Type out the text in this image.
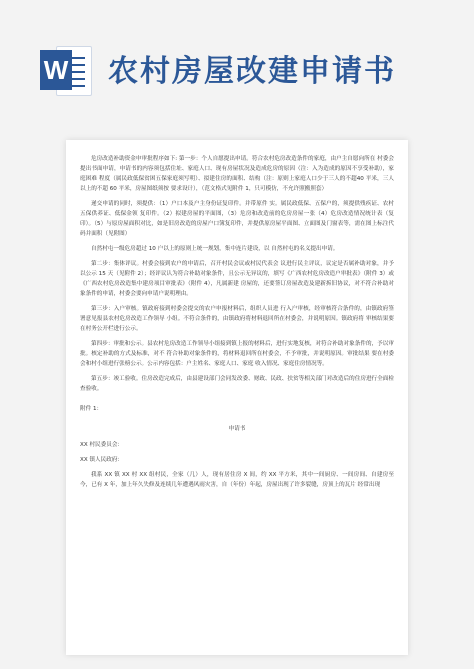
W 农村房屋改建申请书

危房改造补助资金申审批程序如下: 第一步：个人自愿提出申请。符合农村危房改造条件的家庭，由户主自愿向所在 村委会提出书面申请，申请书的内容须包括住址、家庭人口、现有房屋状况及造成危房的原因（注：入为造成的原因不享受补助），家庭困难 程度（属民政低保贫困五保家庭须写明）、拟建住房的面积、结构（注：原则上家庭人口少于三人的不超40 平米，三人以上的不超 60 平米，房屋图纸须按 要求设计），（范文格式见附件 1，只可模仿，不允许照搬照套）

递交申请的同时，须提供：（1）户口本及户主身份证复印件。并带原件 实。属民政低保、五保户的，须提供残疾证、农村五保供养证、低保金领 复印件。（2）拟建房屋的平面图，（3）危房和改造前的危房房屋一张（4）危房改造情况统计表（复印）。（5）与原房屋面积对比，如是旧房改造的房屋户口簿复印件，并提供原房屋平面图、立面图及门窗表等，需在图上标注代码并面积（见附图）

自然村屯一级危房超过 10 户以上的原则上统一规划，集中连片建设，以 自然村屯的名义提出申请。

第二步：集体评议。村委会接到农户的申请后，召开村民会议或村民代表会 议进行民主评议，议定是否属补助对象，并予以公示 15 天（见附件 2）；经评议认为符合补助对象条件，且公示无异议的，填写《广西农村危房改造户审批表》（附件 3）或《广西农村危房改造集中建房项目审批表》（附件 4），凡属新建 房屋的，还要签订房屋改造及建新拆旧协议，对不符合补助对象条件的申请，村委会要向申请户说明理由。

第三步：入户审核。镇政府接到村委会提交的农户申报材料后，组织人员进 行入户审核，经审核符合条件的，由镇政府签署意见报县农村危房改造工作领导 小组。不符合条件的，由镇政府将材料退回所在村委会，并说明原因。镇政府将 审核结果要在村务公开栏进行公示。

第四步：审批和公示。县农村危房改造工作领导小组接到镇上报的材料后，进行实地复核，对符合补助对象条件的，予以审批。核定补助的方式及标准，对不 符合补助对象条件的，将材料退回所在村委会，不予审批，并说明原因。审批结果 要在村委会和村小组进行张榜公示。公示内容包括：户主姓名、家庭人口、家庭 收入情况、家庭住房情况等。

第五步：竣工验收。住房改造完成后，由县建设部门会同发改委、财政、民政、扶贫等相关部门对改造后的住房进行全面检查验收。

附件 1：

申请书

XX 村民委员会：

XX 镇人民政府：

我系 XX 镇 XX 村 XX 组村民，全家（几）人，现有居住房 X 间，约 XX 平方米，其中一间厨房、一间房间、自建房至今，已有 X 年，加上年久失修及连续几年遭遇风雨灾害，自（年份）年起，房屋出现了许多裂缝，房顶上的瓦片 经常出现
